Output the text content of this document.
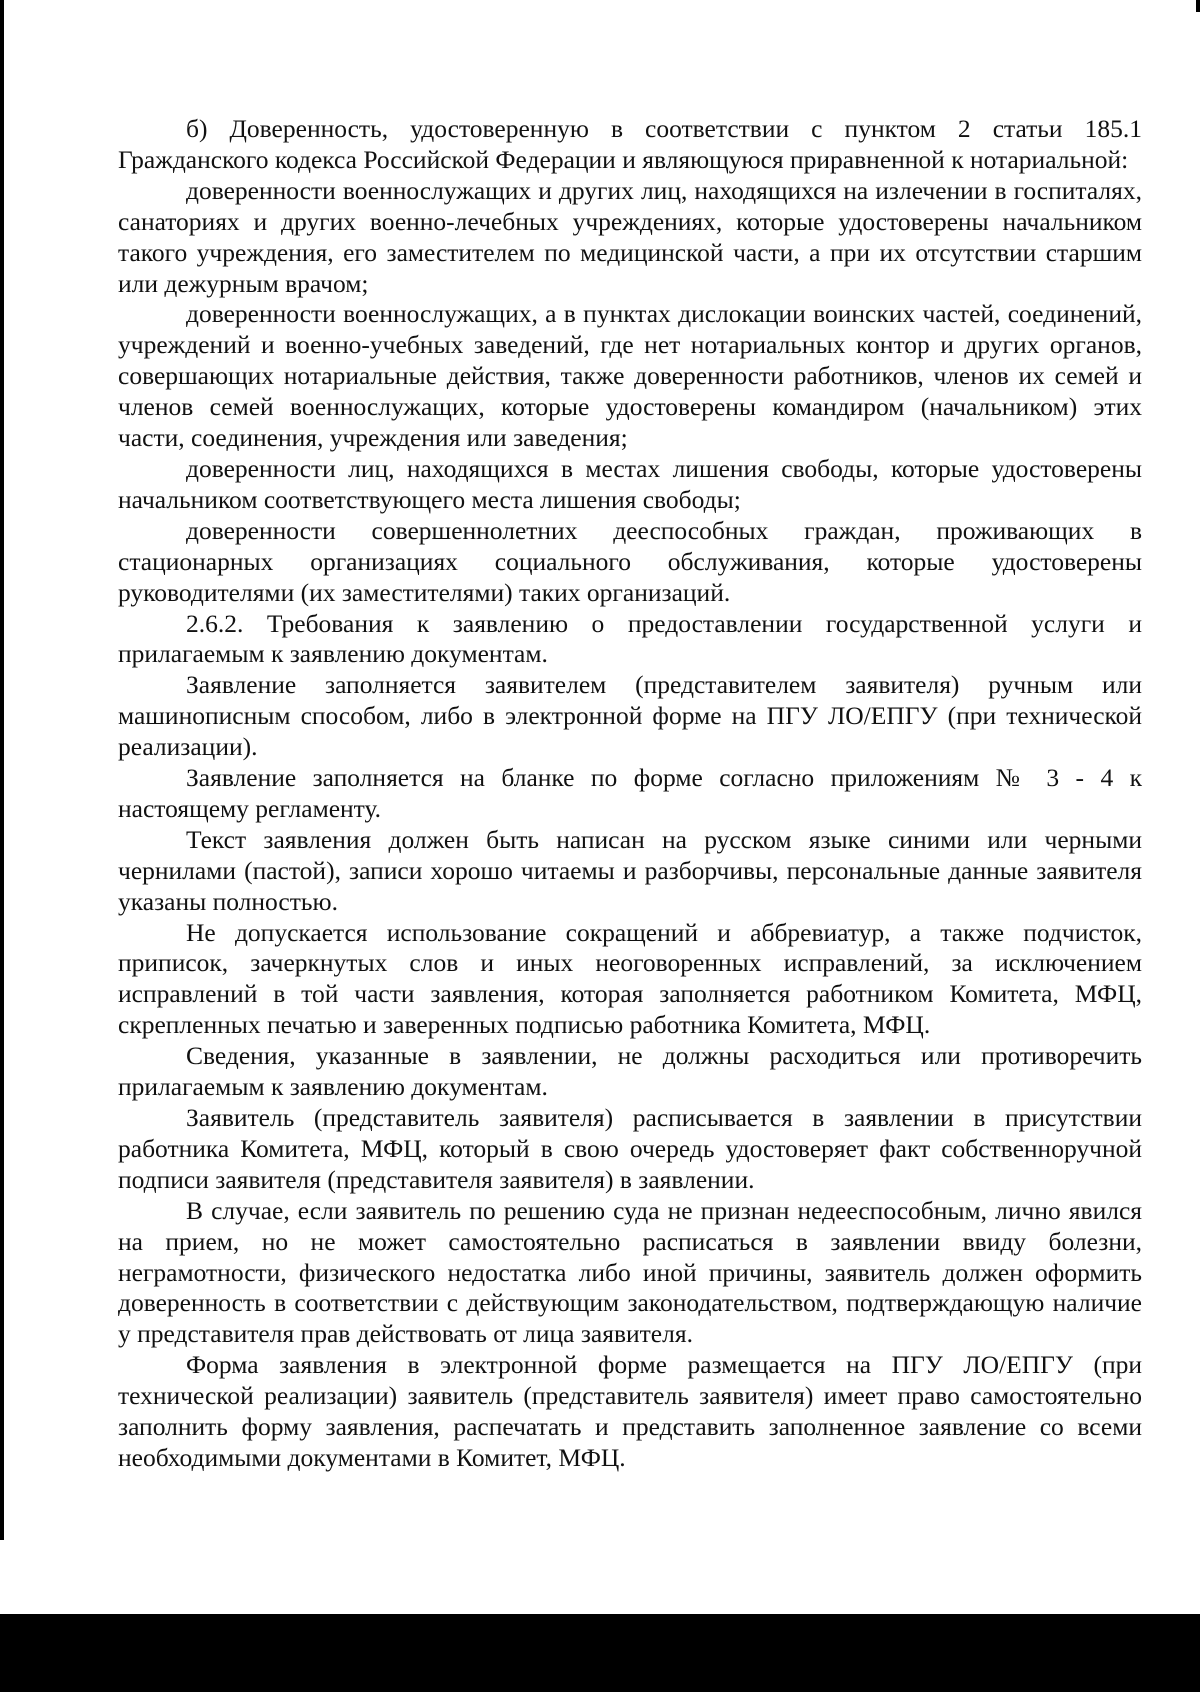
б) Доверенность, удостоверенную в соответствии с пунктом 2 статьи 185.1 Гражданского кодекса Российской Федерации и являющуюся приравненной к нотариальной:

доверенности военнослужащих и других лиц, находящихся на излечении в госпиталях, санаториях и других военно-лечебных учреждениях, которые удостоверены начальником такого учреждения, его заместителем по медицинской части, а при их отсутствии старшим или дежурным врачом;

доверенности военнослужащих, а в пунктах дислокации воинских частей, соединений, учреждений и военно-учебных заведений, где нет нотариальных контор и других органов, совершающих нотариальные действия, также доверенности работников, членов их семей и членов семей военнослужащих, которые удостоверены командиром (начальником) этих части, соединения, учреждения или заведения;

доверенности лиц, находящихся в местах лишения свободы, которые удостоверены начальником соответствующего места лишения свободы;

доверенности совершеннолетних дееспособных граждан, проживающих в стационарных организациях социального обслуживания, которые удостоверены руководителями (их заместителями) таких организаций.

2.6.2. Требования к заявлению о предоставлении государственной услуги и прилагаемым к заявлению документам.

Заявление заполняется заявителем (представителем заявителя) ручным или машинописным способом, либо в электронной форме на ПГУ ЛО/ЕПГУ (при технической реализации).

Заявление заполняется на бланке по форме согласно приложениям № 3 - 4 к настоящему регламенту.

Текст заявления должен быть написан на русском языке синими или черными чернилами (пастой), записи хорошо читаемы и разборчивы, персональные данные заявителя указаны полностью.

Не допускается использование сокращений и аббревиатур, а также подчисток, приписок, зачеркнутых слов и иных неоговоренных исправлений, за исключением исправлений в той части заявления, которая заполняется работником Комитета, МФЦ, скрепленных печатью и заверенных подписью работника Комитета, МФЦ.

Сведения, указанные в заявлении, не должны расходиться или противоречить прилагаемым к заявлению документам.

Заявитель (представитель заявителя) расписывается в заявлении в присутствии работника Комитета, МФЦ, который в свою очередь удостоверяет факт собственноручной подписи заявителя (представителя заявителя) в заявлении.

В случае, если заявитель по решению суда не признан недееспособным, лично явился на прием, но не может самостоятельно расписаться в заявлении ввиду болезни, неграмотности, физического недостатка либо иной причины, заявитель должен оформить доверенность в соответствии с действующим законодательством, подтверждающую наличие у представителя прав действовать от лица заявителя.

Форма заявления в электронной форме размещается на ПГУ ЛО/ЕПГУ (при технической реализации) заявитель (представитель заявителя) имеет право самостоятельно заполнить форму заявления, распечатать и представить заполненное заявление со всеми необходимыми документами в Комитет, МФЦ.
